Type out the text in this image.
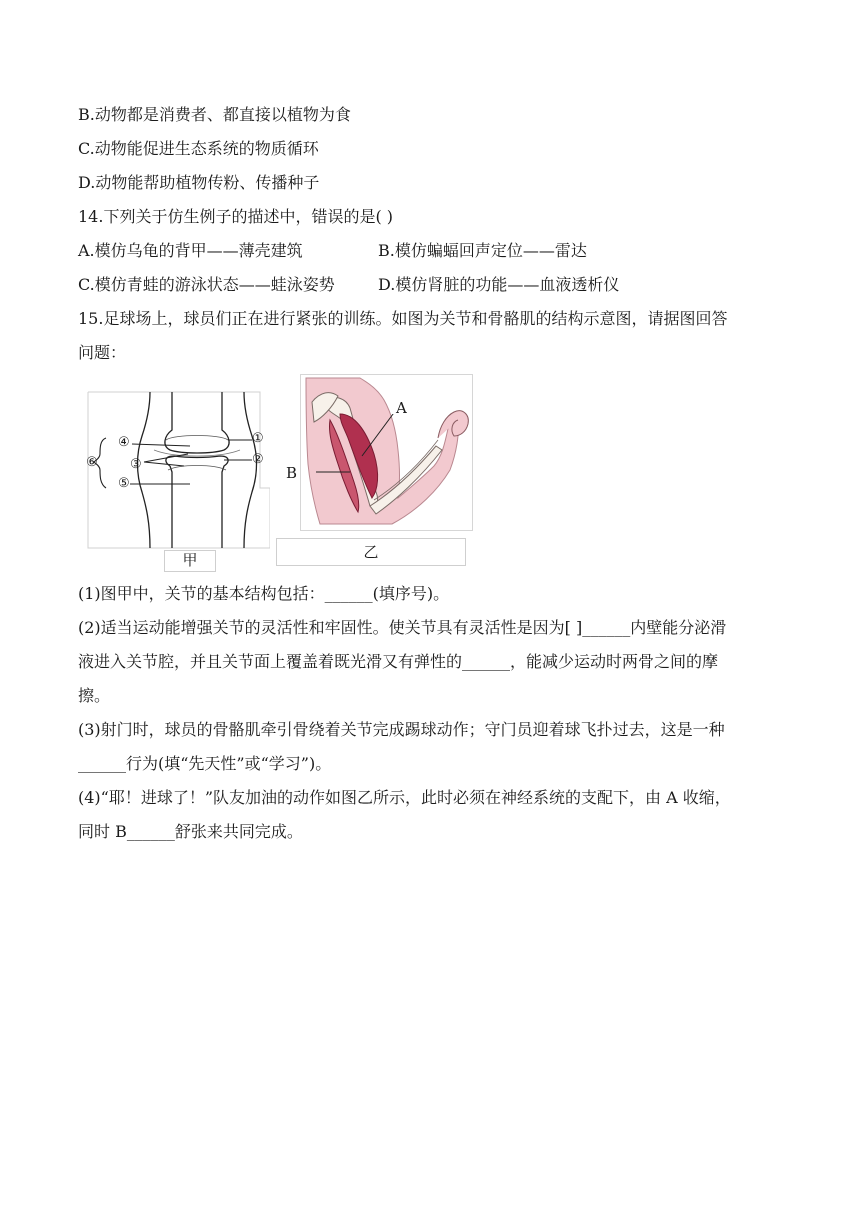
B.动物都是消费者、都直接以植物为食
C.动物能促进生态系统的物质循环
D.动物能帮助植物传粉、传播种子
14.下列关于仿生例子的描述中，错误的是( )
A.模仿乌龟的背甲——薄壳建筑	B.模仿蝙蝠回声定位——雷达
C.模仿青蛙的游泳状态——蛙泳姿势	D.模仿肾脏的功能——血液透析仪
15.足球场上，球员们正在进行紧张的训练。如图为关节和骨骼肌的结构示意图，请据图回答
问题：
④
③
⑤
⑥
①
②
甲
A
B
乙
(1)图甲中，关节的基本结构包括：______(填序号)。
(2)适当运动能增强关节的灵活性和牢固性。使关节具有灵活性是因为[ ]______内壁能分泌滑
液进入关节腔，并且关节面上覆盖着既光滑又有弹性的______，能减少运动时两骨之间的摩
擦。
(3)射门时，球员的骨骼肌牵引骨绕着关节完成踢球动作；守门员迎着球飞扑过去，这是一种
______行为(填“先天性”或“学习”)。
(4)“耶！进球了！”队友加油的动作如图乙所示，此时必须在神经系统的支配下，由 A 收缩，
同时 B______舒张来共同完成。
